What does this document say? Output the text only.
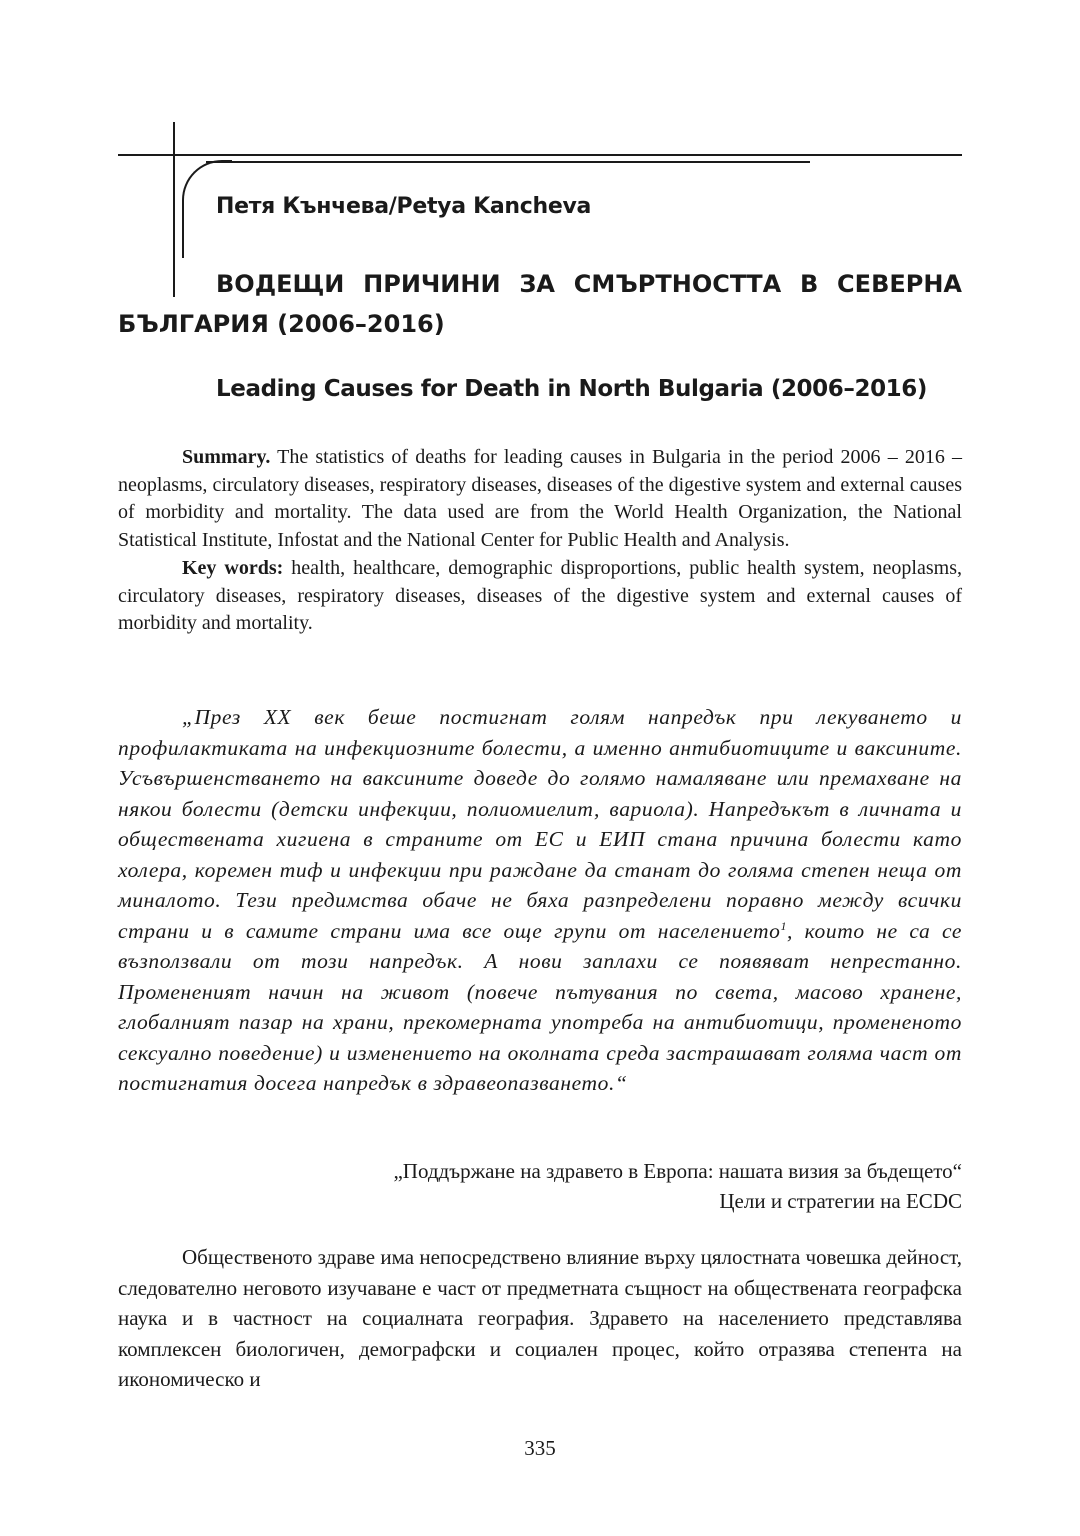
Петя Кънчева/Petya Kancheva
ВОДЕЩИ ПРИЧИНИ ЗА СМЪРТНОСТТА В СЕВЕРНА
БЪЛГАРИЯ (2006–2016)
Leading Causes for Death in North Bulgaria (2006–2016)

Summary. The statistics of deaths for leading causes in Bulgaria in the period 2006 – 2016 – neoplasms, circulatory diseases, respiratory diseases, diseases of the digestive system and external causes of morbidity and mortality. The data used are from the World Health Organization, the National Statistical Institute, Infostat and the National Center for Public Health and Analysis.

Key words: health, healthcare, demographic disproportions, public health system, neoplasms, circulatory diseases, respiratory diseases, diseases of the digestive system and external causes of morbidity and mortality.

„През XX век беше постигнат голям напредък при лекуването и профилактиката на инфекциозните болести, а именно антибиотиците и ваксините. Усъвършенстването на ваксините доведе до голямо намаляване или премахване на някои болести (детски инфекции, полиомиелит, вариола). Напредъкът в личната и обществената хигиена в страните от ЕС и ЕИП стана причина болести като холера, коремен тиф и инфекции при раждане да станат до голяма степен неща от миналото. Тези предимства обаче не бяха разпределени поравно между всички страни и в самите страни има все още групи от населението$^1$, които не са се възползвали от този напредък. А нови заплахи се появяват непрестанно. Промененият начин на живот (повече пътувания по света, масово хранене, глобалният пазар на храни, прекомерната употреба на антибиотици, промененото сексуално поведение) и изменението на околната среда застрашават голяма част от постигнатия досега напредък в здравеопазването.“

„Поддържане на здравето в Европа: нашата визия за бъдещето“
Цели и стратегии на ECDC

Общественото здраве има непосредствено влияние върху цялостната човешка дейност, следователно неговото изучаване е част от предметната същност на обществената географска наука и в частност на социалната география. Здравето на населението представлява комплексен биологичен, демографски и социален процес, който отразява степента на икономическо и

335
